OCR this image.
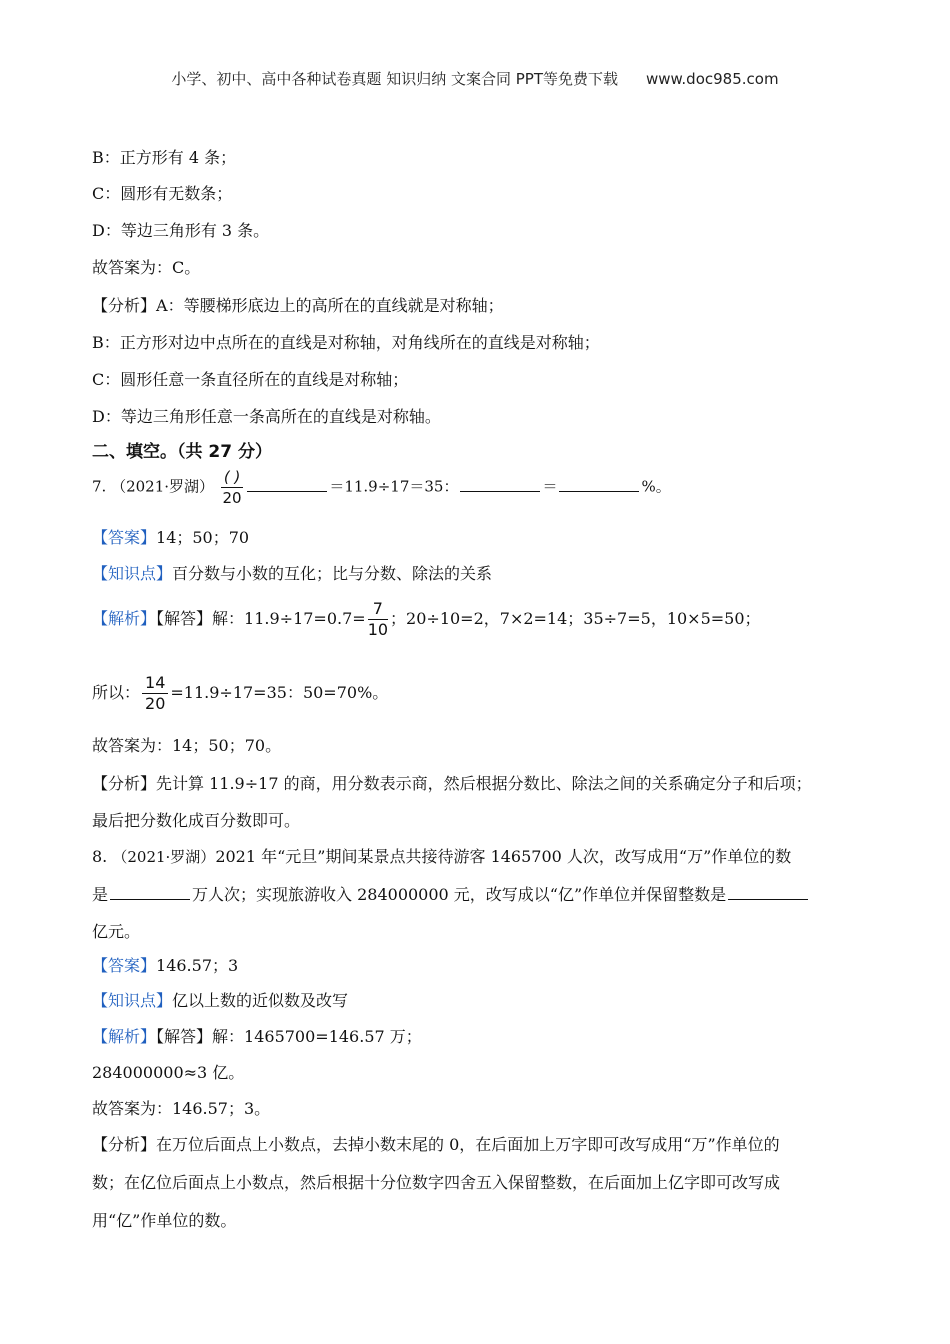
小学、初中、高中各种试卷真题 知识归纳 文案合同 PPT等免费下载 www.doc985.com
B：正方形有 4 条；
C：圆形有无数条；
D：等边三角形有 3 条。
故答案为：C。
【分析】A：等腰梯形底边上的高所在的直线就是对称轴；
B：正方形对边中点所在的直线是对称轴，对角线所在的直线是对称轴；
C：圆形任意一条直径所在的直线是对称轴；
D：等边三角形任意一条高所在的直线是对称轴。
二、填空。（共 27 分）
7. （2021·罗湖） $\frac{( )}{20}$	＝11.9÷17＝35：	＝	%。
【答案】14；50；70
【知识点】百分数与小数的互化；比与分数、除法的关系
【解析】【解答】解：$11.9\div 17=0.7= \frac{7}{10}$ ；20÷10=2，7×2=14；35÷7=5，10×5=50；
所以： $\frac{14}{20} =11.9\div 17=35$：50=70%。
故答案为：14；50；70。
【分析】先计算 11.9÷17 的商，用分数表示商，然后根据分数比、除法之间的关系确定分子和后项；
最后把分数化成百分数即可。
8. （2021·罗湖）2021 年“元旦”期间某景点共接待游客 1465700 人次，改写成用“万”作单位的数
是	万人次；实现旅游收入 284000000 元，改写成以“亿”作单位并保留整数是
亿元。
【答案】146.57；3
【知识点】亿以上数的近似数及改写
【解析】【解答】解：1465700=146.57 万；
284000000≈3 亿。
故答案为：146.57；3。
【分析】在万位后面点上小数点，去掉小数末尾的 0，在后面加上万字即可改写成用“万”作单位的
数；在亿位后面点上小数点，然后根据十分位数字四舍五入保留整数，在后面加上亿字即可改写成
用“亿”作单位的数。
